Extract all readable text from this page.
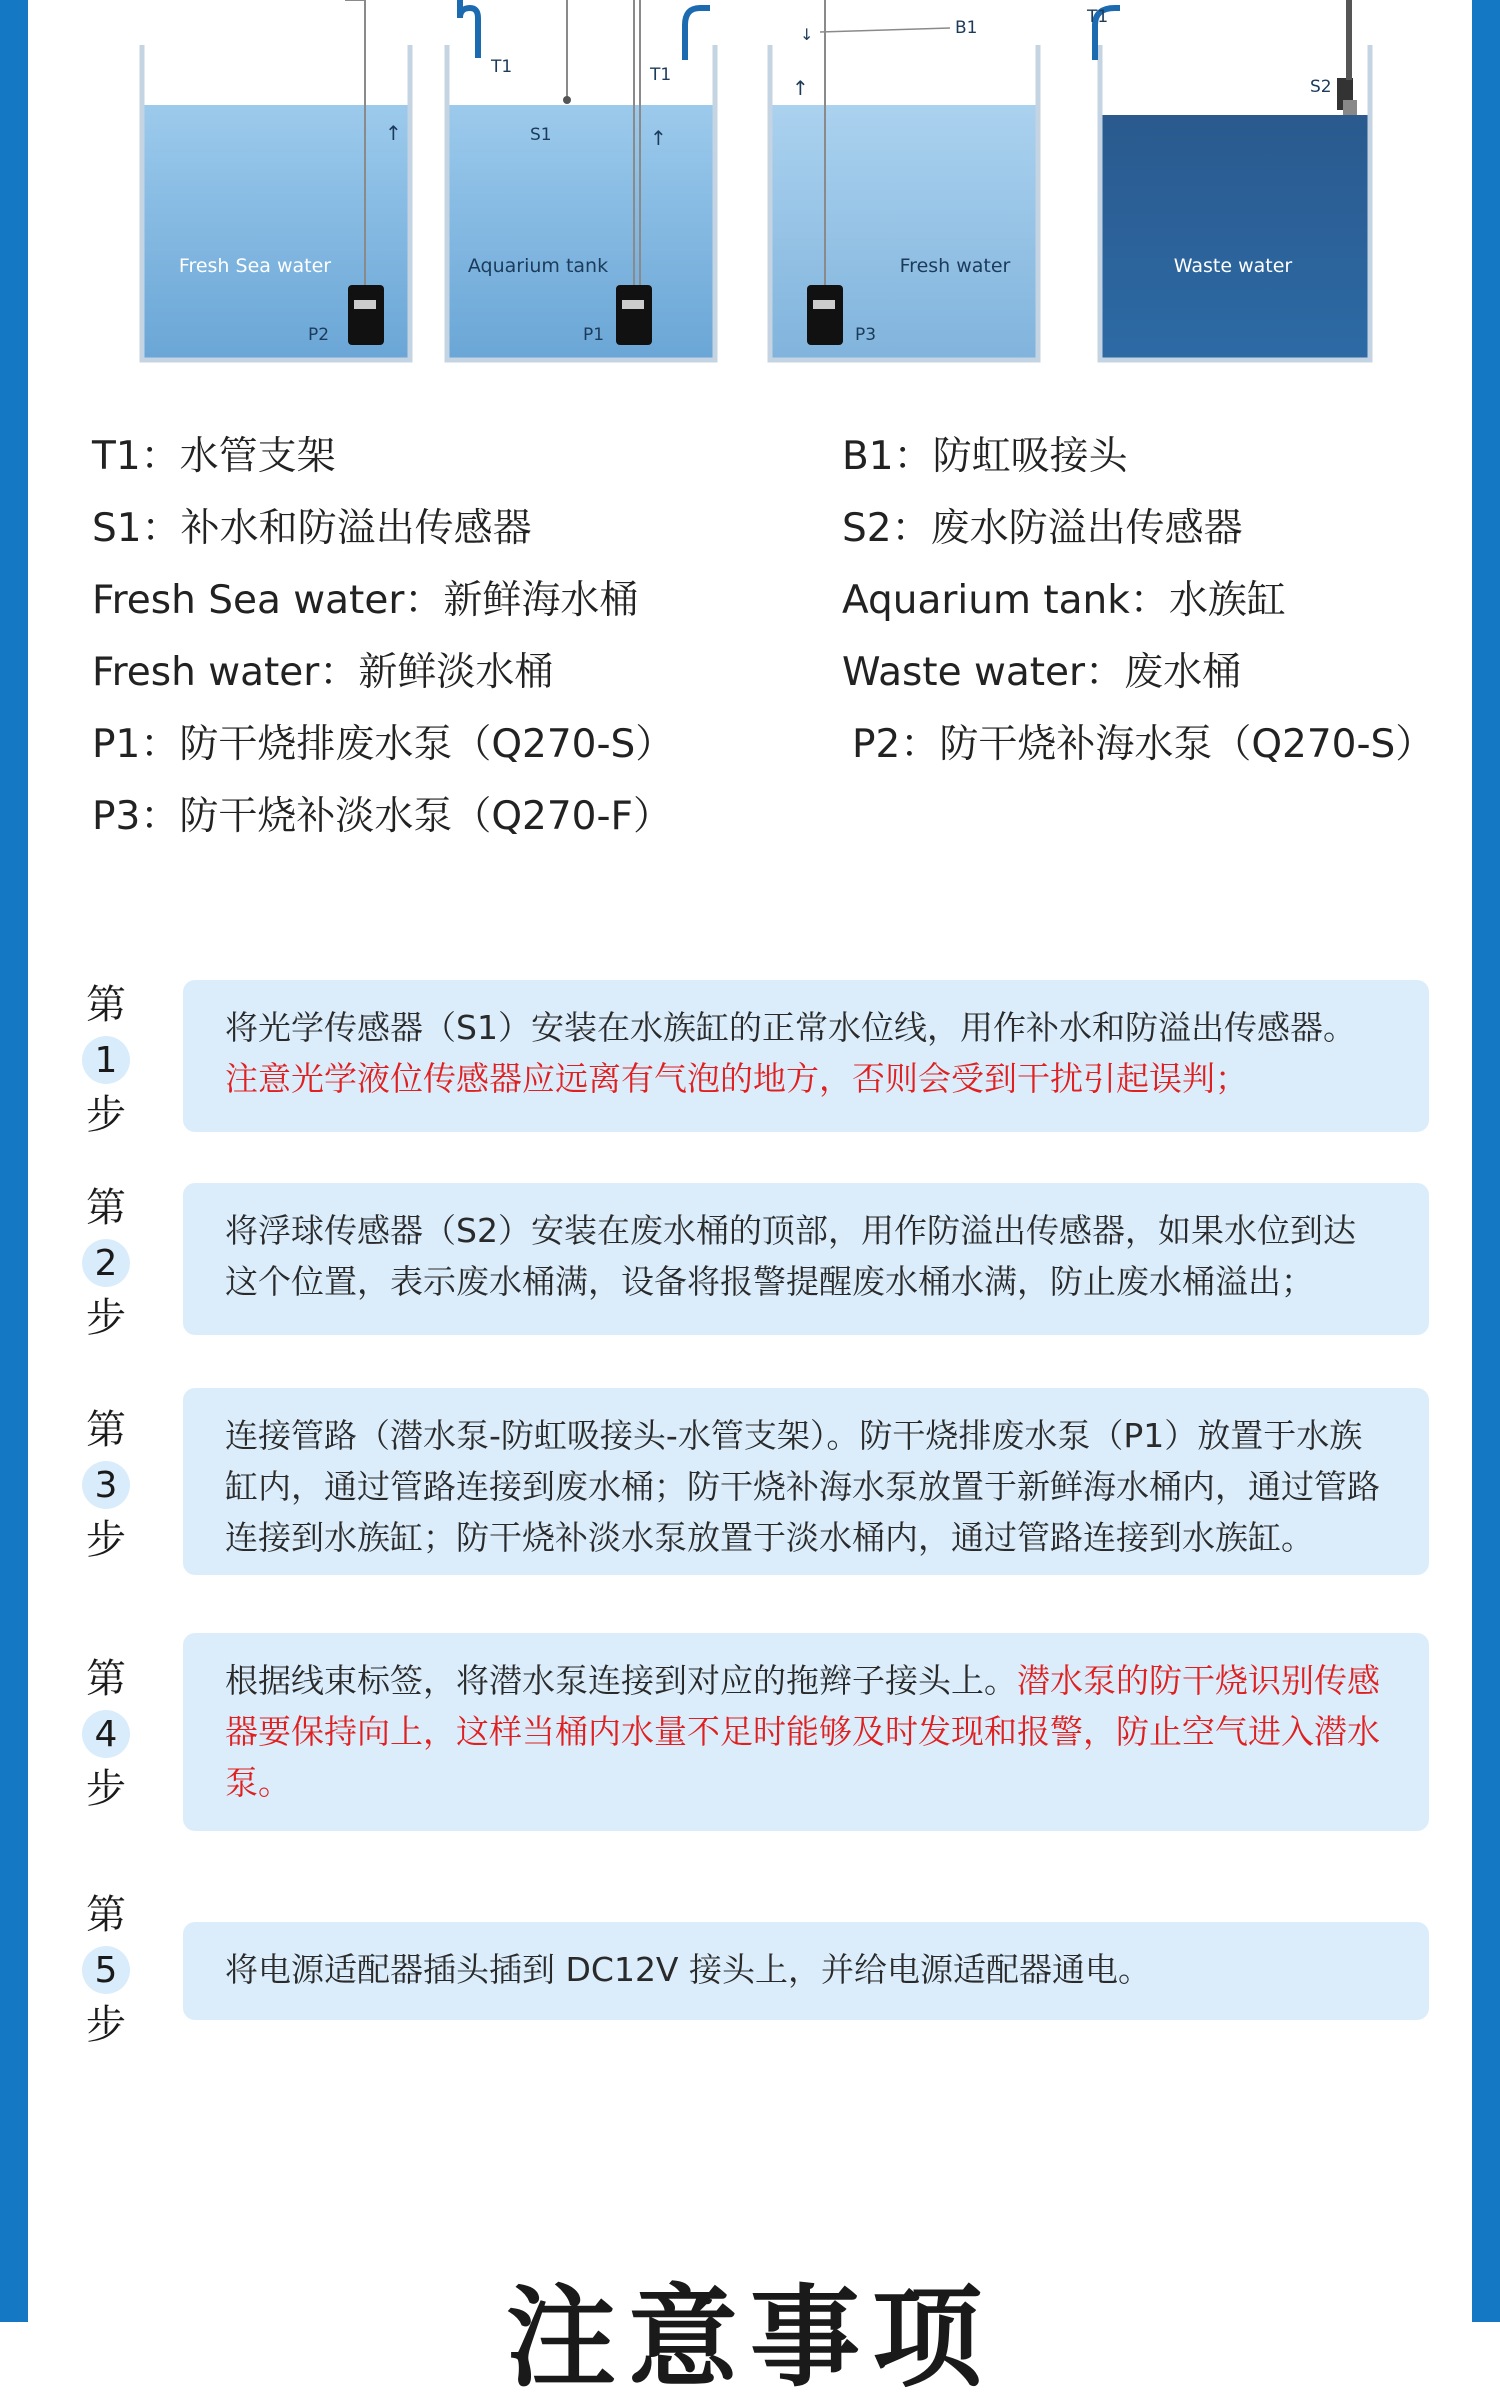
Fresh Sea water
P2
↑
Aquarium tank
P1
S1	↑
T1	T1
Fresh water
P3
↑
↓	B1
Waste water
T1
S2
T1：水管支架	B1：防虹吸接头
S1：补水和防溢出传感器	S2：废水防溢出传感器
Fresh Sea water：新鲜海水桶	Aquarium tank：水族缸
Fresh water：新鲜淡水桶	Waste water：废水桶
P1：防干烧排废水泵（Q270-S）	P2：防干烧补海水泵（Q270-S）
P3：防干烧补淡水泵（Q270-F）
第
1
步
将光学传感器（S1）安装在水族缸的正常水位线，用作补水和防溢出传感器。
注意光学液位传感器应远离有气泡的地方，否则会受到干扰引起误判；
第
2
步
将浮球传感器（S2）安装在废水桶的顶部，用作防溢出传感器，如果水位到达这个位置，表示废水桶满，设备将报警提醒废水桶水满，防止废水桶溢出；
第
3
步
连接管路（潜水泵-防虹吸接头-水管支架）。防干烧排废水泵（P1）放置于水族缸内，通过管路连接到废水桶；防干烧补海水泵放置于新鲜海水桶内，通过管路连接到水族缸；防干烧补淡水泵放置于淡水桶内，通过管路连接到水族缸。
第
4
步
根据线束标签，将潜水泵连接到对应的拖辫子接头上。潜水泵的防干烧识别传感器要保持向上，这样当桶内水量不足时能够及时发现和报警，防止空气进入潜水泵。
第
5
步
将电源适配器插头插到 DC12V 接头上，并给电源适配器通电。
注意事项
